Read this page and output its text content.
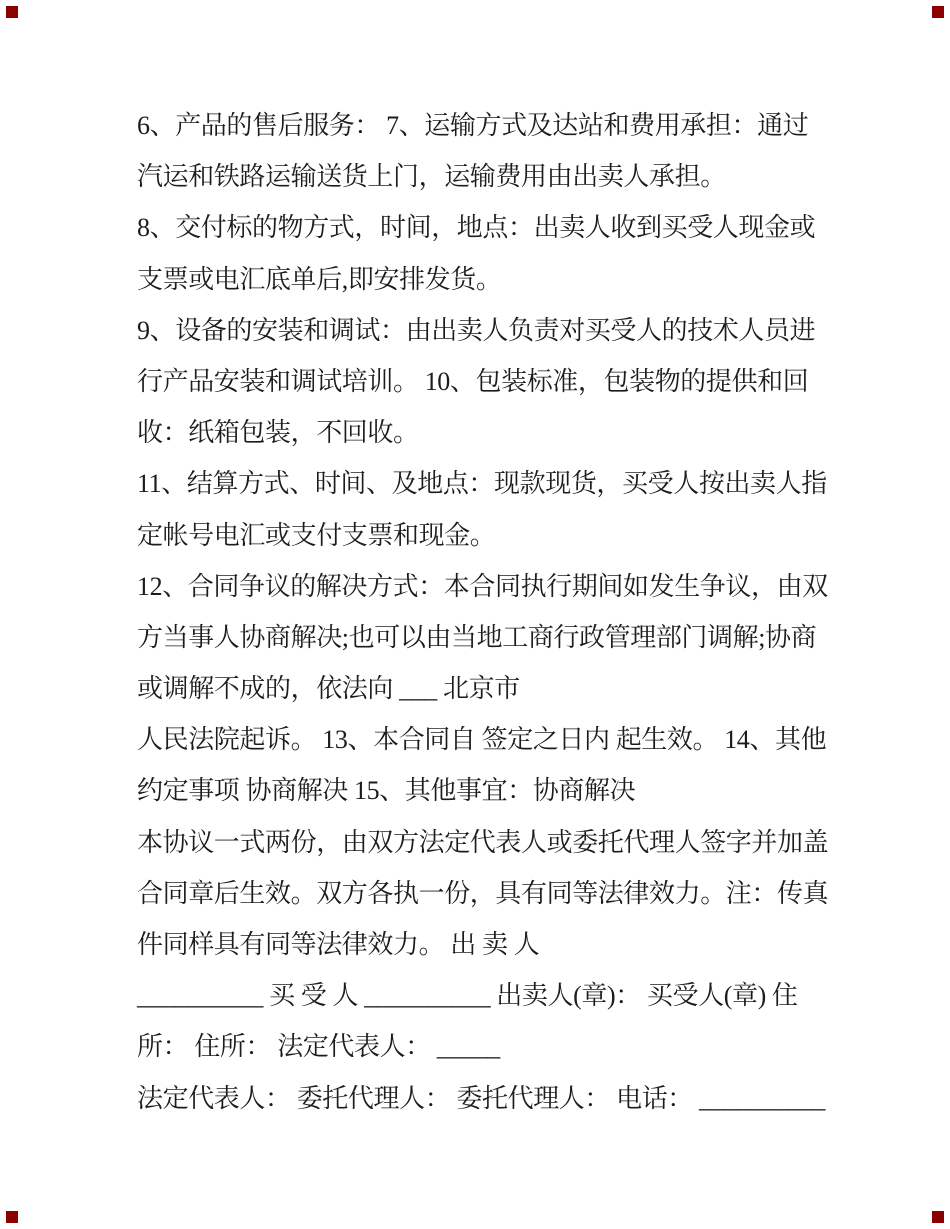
6、产品的售后服务： 7、运输方式及达站和费用承担：通过
汽运和铁路运输送货上门，运输费用由出卖人承担。
8、交付标的物方式，时间，地点：出卖人收到买受人现金或
支票或电汇底单后,即安排发货。
9、设备的安装和调试：由出卖人负责对买受人的技术人员进
行产品安装和调试培训。 10、包装标准，包装物的提供和回
收：纸箱包装，不回收。
11、结算方式、时间、及地点：现款现货，买受人按出卖人指
定帐号电汇或支付支票和现金。
12、合同争议的解决方式：本合同执行期间如发生争议，由双
方当事人协商解决;也可以由当地工商行政管理部门调解;协商
或调解不成的，依法向 ___ 北京市
人民法院起诉。 13、本合同自 签定之日内 起生效。 14、其他
约定事项 协商解决 15、其他事宜：协商解决
本协议一式两份，由双方法定代表人或委托代理人签字并加盖
合同章后生效。双方各执一份，具有同等法律效力。注：传真
件同样具有同等法律效力。 出 卖 人
__________ 买 受 人 __________ 出卖人(章)： 买受人(章) 住
所： 住所： 法定代表人： _____
法定代表人： 委托代理人： 委托代理人： 电话： __________
